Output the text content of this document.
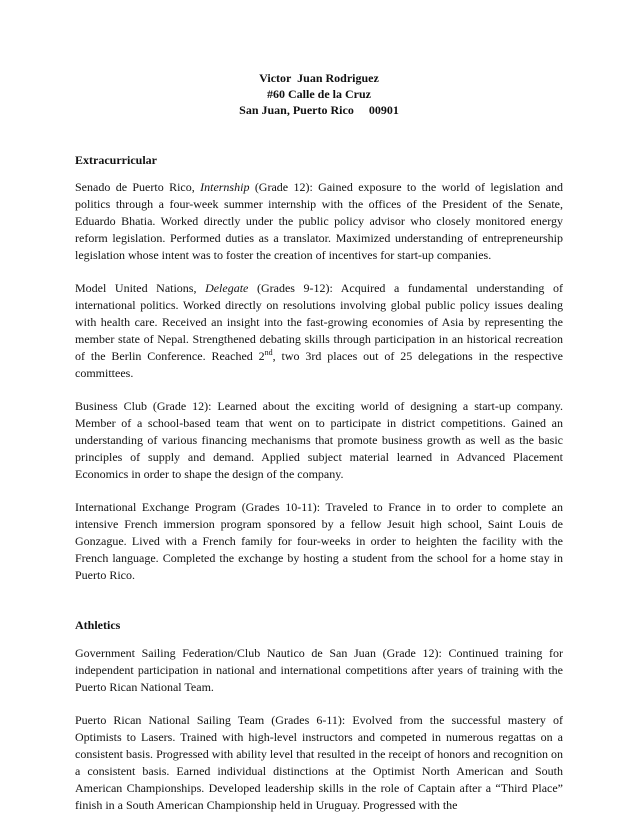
Victor  Juan Rodriguez
#60 Calle de la Cruz
San Juan, Puerto Rico     00901
Extracurricular

Senado de Puerto Rico, Internship (Grade 12): Gained exposure to the world of legislation and politics through a four-week summer internship with the offices of the President of the Senate, Eduardo Bhatia. Worked directly under the public policy advisor who closely monitored energy reform legislation. Performed duties as a translator. Maximized understanding of entrepreneurship legislation whose intent was to foster the creation of incentives for start-up companies.

Model United Nations, Delegate (Grades 9-12): Acquired a fundamental understanding of international politics. Worked directly on resolutions involving global public policy issues dealing with health care. Received an insight into the fast-growing economies of Asia by representing the member state of Nepal. Strengthened debating skills through participation in an historical recreation of the Berlin Conference. Reached 2nd, two 3rd places out of 25 delegations in the respective committees.

Business Club (Grade 12): Learned about the exciting world of designing a start-up company. Member of a school-based team that went on to participate in district competitions. Gained an understanding of various financing mechanisms that promote business growth as well as the basic principles of supply and demand. Applied subject material learned in Advanced Placement Economics in order to shape the design of the company.

International Exchange Program (Grades 10-11): Traveled to France in to order to complete an intensive French immersion program sponsored by a fellow Jesuit high school, Saint Louis de Gonzague. Lived with a French family for four-weeks in order to heighten the facility with the French language. Completed the exchange by hosting a student from the school for a home stay in Puerto Rico.

Athletics

Government Sailing Federation/Club Nautico de San Juan (Grade 12): Continued training for independent participation in national and international competitions after years of training with the Puerto Rican National Team.

Puerto Rican National Sailing Team (Grades 6-11): Evolved from the successful mastery of Optimists to Lasers. Trained with high-level instructors and competed in numerous regattas on a consistent basis. Progressed with ability level that resulted in the receipt of honors and recognition on a consistent basis. Earned individual distinctions at the Optimist North American and South American Championships. Developed leadership skills in the role of Captain after a “Third Place” finish in a South American Championship held in Uruguay. Progressed with the
